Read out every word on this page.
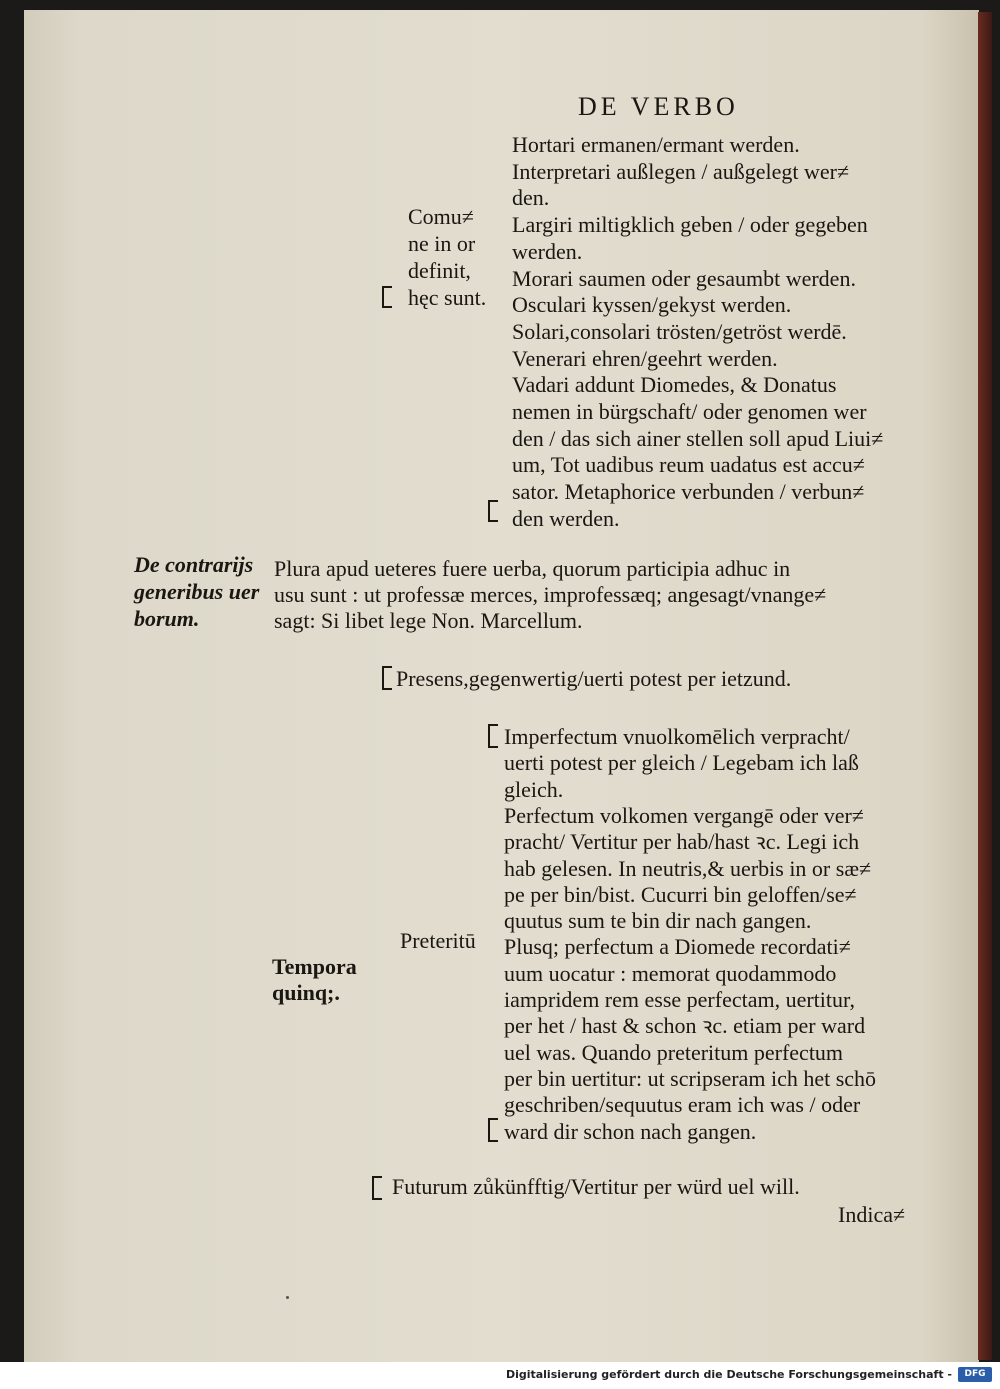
DE VERBO
Comu≠
ne in or
definit,
hęc sunt.
Hortari ermanen/ermant werden.
Interpretari außlegen / außgelegt wer≠
den.
Largiri miltigklich geben / oder gegeben
werden.
Morari saumen oder gesaumbt werden.
Osculari kyssen/gekyst werden.
Solari,consolari trösten/getröst werdē.
Venerari ehren/geehrt werden.
Vadari addunt Diomedes, & Donatus
nemen in bürgschaft/ oder genomen wer
den / das sich ainer stellen soll apud Liui≠
um, Tot uadibus reum uadatus est accu≠
sator. Metaphorice verbunden / verbun≠
den werden.
De contrarijs
generibus uer
borum.
Plura apud ueteres fuere uerba, quorum participia adhuc in
usu sunt : ut professæ merces, improfessæq; angesagt/vnange≠
sagt: Si libet lege Non. Marcellum.
Tempora
quinq;.
Presens,gegenwertig/uerti potest per ietzund.
Preteritū
Imperfectum vnuolkomēlich verpracht/
uerti potest per gleich / Legebam ich laß
gleich.
Perfectum volkomen vergangē oder ver≠
pracht/ Vertitur per hab/hast ꝛc. Legi ich
hab gelesen. In neutris,& uerbis in or sæ≠
pe per bin/bist. Cucurri bin geloffen/se≠
quutus sum te bin dir nach gangen.
Plusq; perfectum a Diomede recordati≠
uum uocatur : memorat quodammodo
iampridem rem esse perfectam, uertitur,
per het / hast & schon ꝛc. etiam per ward
uel was. Quando preteritum perfectum
per bin uertitur: ut scripseram ich het schō
geschriben/sequutus eram ich was / oder
ward dir schon nach gangen.
Futurum zůkünfftig/Vertitur per würd uel will.
Indica≠
Digitalisierung gefördert durch die Deutsche Forschungsgemeinschaft -	DFG
